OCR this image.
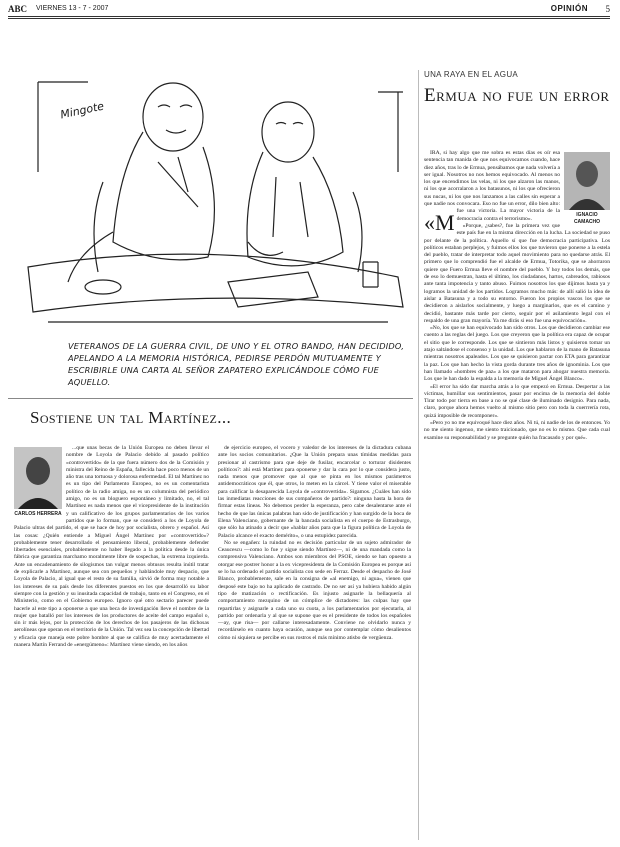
ABC VIERNES 13 - 7 - 2007	OPINIÓN 5
Mingote
VETERANOS DE LA GUERRA CIVIL, DE UNO Y EL OTRO BANDO, HAN DECIDIDO, APELANDO A LA MEMORIA HISTÓRICA, PEDIRSE PERDÓN MUTUAMENTE Y ESCRIBIRLE UNA CARTA AL SEÑOR ZAPATERO EXPLICÁNDOLE CÓMO FUE AQUELLO.
UNA RAYA EN EL AGUA
Ermua no fue un error
IGNACIO CAMACHO
«M

IRA, si hay algo que me sobra es estas días es oír esa sentencia tan manida de que nos equivocamos cuando, hace diez años, tras lo de Ermua, pensábamos que nada volvería a ser igual. Nosotros no nos hemos equivocado. Al menos no los que encendimos las velas, ni los que alzaron las manos, ni los que acorralaron a los batasunos, ni los que ofrecieron sus nucas, ni los que nos lanzamos a las calles sin esperar a que nadie nos convocara. Eso no fue un error, dilo bien alto: fue una victoria. La mayor victoria de la democracia contra el terrorismo».

«Porque, ¿sabes?, fue la primera vez que este país fue en la misma dirección en la lucha. La sociedad se puso por delante de la política. Aquello sí que fue democracia participativa. Los políticos estaban perplejos, y fuimos ellos los que tuvieron que ponerse a la estela del pueblo, tratar de interpretar todo aquel movimiento para no quedarse atrás. El primero que lo comprendió fue el alcalde de Ermua, Totorika, que se ahorraron quiere que Fuero Ermua lleve el nombre del pueblo. Y hoy todos los demás, que de eso lo demuestran, hasta el último, los ciudadanos, hartos, cabreados, rabiosos ante tanta impotencia y tanto abuso. Fuimos nosotros los que dijimos hasta ya y logramos la unidad de los partidos. Logramos mucho más: de allí salió la idea de aislar a Batasuna y a todo su entorno. Fueron los propios vascos los que se decidieron a aislarlos socialmente, y luego a marginarlos, que es el camino y decidió, bastante más tarde por cierto, seguir por el asilamiento legal con el respaldo de una gran mayoría. Ya me dirás si eso fue una equivocación».

«No, los que se han equivocado han sido otros. Los que decidieron cambiar ese cuento a las reglas del juego. Los que creyeron que la política era capaz de ocupar el sitio que le corresponde. Los que se sintieron más listos y quisieron tomar un atajo saltándose el consenso y la unidad. Los que hablaron de la mano de Batasuna mientras nosotros apaleados. Los que se quisieron pactar con ETA para garantizar la paz. Los que han hecho la vista gorda durante tres años de ignominia. Los que han llamado «hombres de paz» a los que mataron para ahogar nuestra memoria. Los que le han dado la espalda a la memoria de Miguel Ángel Blanco».

«El error ha sido dar marcha atrás a lo que empezó en Ermua. Despertar a las víctimas, humillar sus sentimientos, pasar por encima de la memoria del doble Tirar todo por tierra en base a no se qué clase de iluminado designio. Para nada, claro, porque ahora hemos vuelto al mismo sitio pero con toda la cuerrrería rota, quizá imposible de recomponer».

«Pero yo no me equivoqué hace diez años. Ni tú, ni nadie de los de entonces. Yo no me siento ingenuo, me siento traicionado, que no es lo mismo. Que cada cual examine su responsabilidad y se pregunte quién ha fracasado y por qué».

Sostiene un tal Martínez...
CARLOS HERRERA

...que unas becas de la Unión Europea no deben llevar el nombre de Loyola de Palacio debido al pasado político «controvertido» de la que fuera número dos de la Comisión y ministra del Reino de España, fallecida hace poco menos de un año tras una tortuosa y dolorosa enfermedad. El tal Martínez no es un tipo del Parlamento Europeo, no es un comentarista político de la radio amiga, no es un columnista del periódico amigo, no es un bloguero espontáneo y limitado, no, el tal Martínez es nada menos que el vicepresidente de la institución y un calificativo de los grupos parlamentarios de los varios partidos que lo forman, que se consideró a los de Loyola de Palacio ultras del partido, el que se hace de hoy por socialista, obrero y español. Así las cosas: ¿Quién entiende a Miguel Ángel Martínez por «controvertido»? probablemente tener desarrollado el pensamiento liberal, probablemente defender libertades esenciales, probablemente no haber llegado a la política desde la única fábrica que garantiza marchamo moralmente libre de sospechas, la extrema izquierda. Ante un encadenamiento de silogismos tan vulgar menos obtusos resulta inútil tratar de explicarle a Martínez, aunque sea con pequeños y hablándole muy despacio, que Loyola de Palacio, al igual que el resto de su familia, sirvió de forma muy notable a los intereses de su país desde los diferentes puestos en los que desarrolló su labor siempre con la gestión y su inusitada capacidad de trabajo, tanto en el Congreso, en el Ministerio, como en el Gobierno europeo. Ignoro qué otro sectario parecer puede hacerle al este tipo a oponerse a que una beca de investigación lleve el nombre de la mujer que batalló por los intereses de los productores de aceite del campo español o, sin ir más lejos, por la protección de los derechos de los pasajeros de las dichosas aerolíneas que operan en el territorio de la Unión. Tal vez sea la concepción de libertad y eficacia que maneja este pobre hombre al que se califica de muy acertadamente el manera Martín Ferrand de «energúmeno»: Martínez viene siendo, en los años

de ejercicio europeo, el vocero y valedor de los intereses de la dictadura cubana ante los socios comunitarios. ¿Que la Unión prepara unas tímidas medidas para presionar al castrismo para que deje de fusilar, encarcelar o torturar disidentes políticos?: ahí está Martínez para oponerse y dar la cara por lo que considera justo, nada menos que promover que al que se pinta en los mismos parámetros antidemocráticos que él, que otros, lo meten en la cárcel. Y tiene valor el miserable para calificar la desaparecida Loyola de «controvertida». Sigamos. ¿Cuáles han sido las inmediatas reacciones de sus compañeros de partido?: ninguna hasta la hora de firmar estas líneas. No debemos perder la esperanza, pero cabe desalentarse ante el hecho de que las únicas palabras han sido de justificación y han surgido de la boca de Elena Valenciano, gobernante de la bancada socialista en el cuerpo de Estrasburgo, que sólo ha atinado a decir que «hablar años para que la figura política de Loyola de Palacio alcance el exacto demérito», o una estupidez parecida.

No se engañen: la ruindad no es decisión particular de un sujeto admirador de Ceaucescu —como lo fue y sigue siendo Martínez—, ni de una mandada como la comprensiva Valenciano. Ambos son miembros del PSOE, siendo se han opuesto a otorgar ese postrer honor a la ex vicepresidenta de la Comisión Europea es porque así se lo ha ordenado el partido socialista con sede en Ferraz. Desde el despacho de José Blanco, probablemente, sale en la consigna de «al enemigo, ni agua», vienen que desposé este bajo no ha aplicado de castrado. De no ser así ya hubiera habido algún tipo de matización o rectificación. Es injusto asignarle la bellaquería al comportamiento mezquino de un cómplice de dictadores: las culpas hay que repartirlas y asignarle a cada uno su cuota, a los parlamentarios por ejecutarla, al partido por ordenarla y al que se supone que es el presidente de todos los españoles —ay, que risa— por callarse interesadamente. Conviene no olvidarlo nunca y recordárselo en cuanto haya ocasión, aunque sea por contemplar cómo desalientos cómo ni siquiera se percibe en sus rostros el más mínimo atisbo de vergüenza.
